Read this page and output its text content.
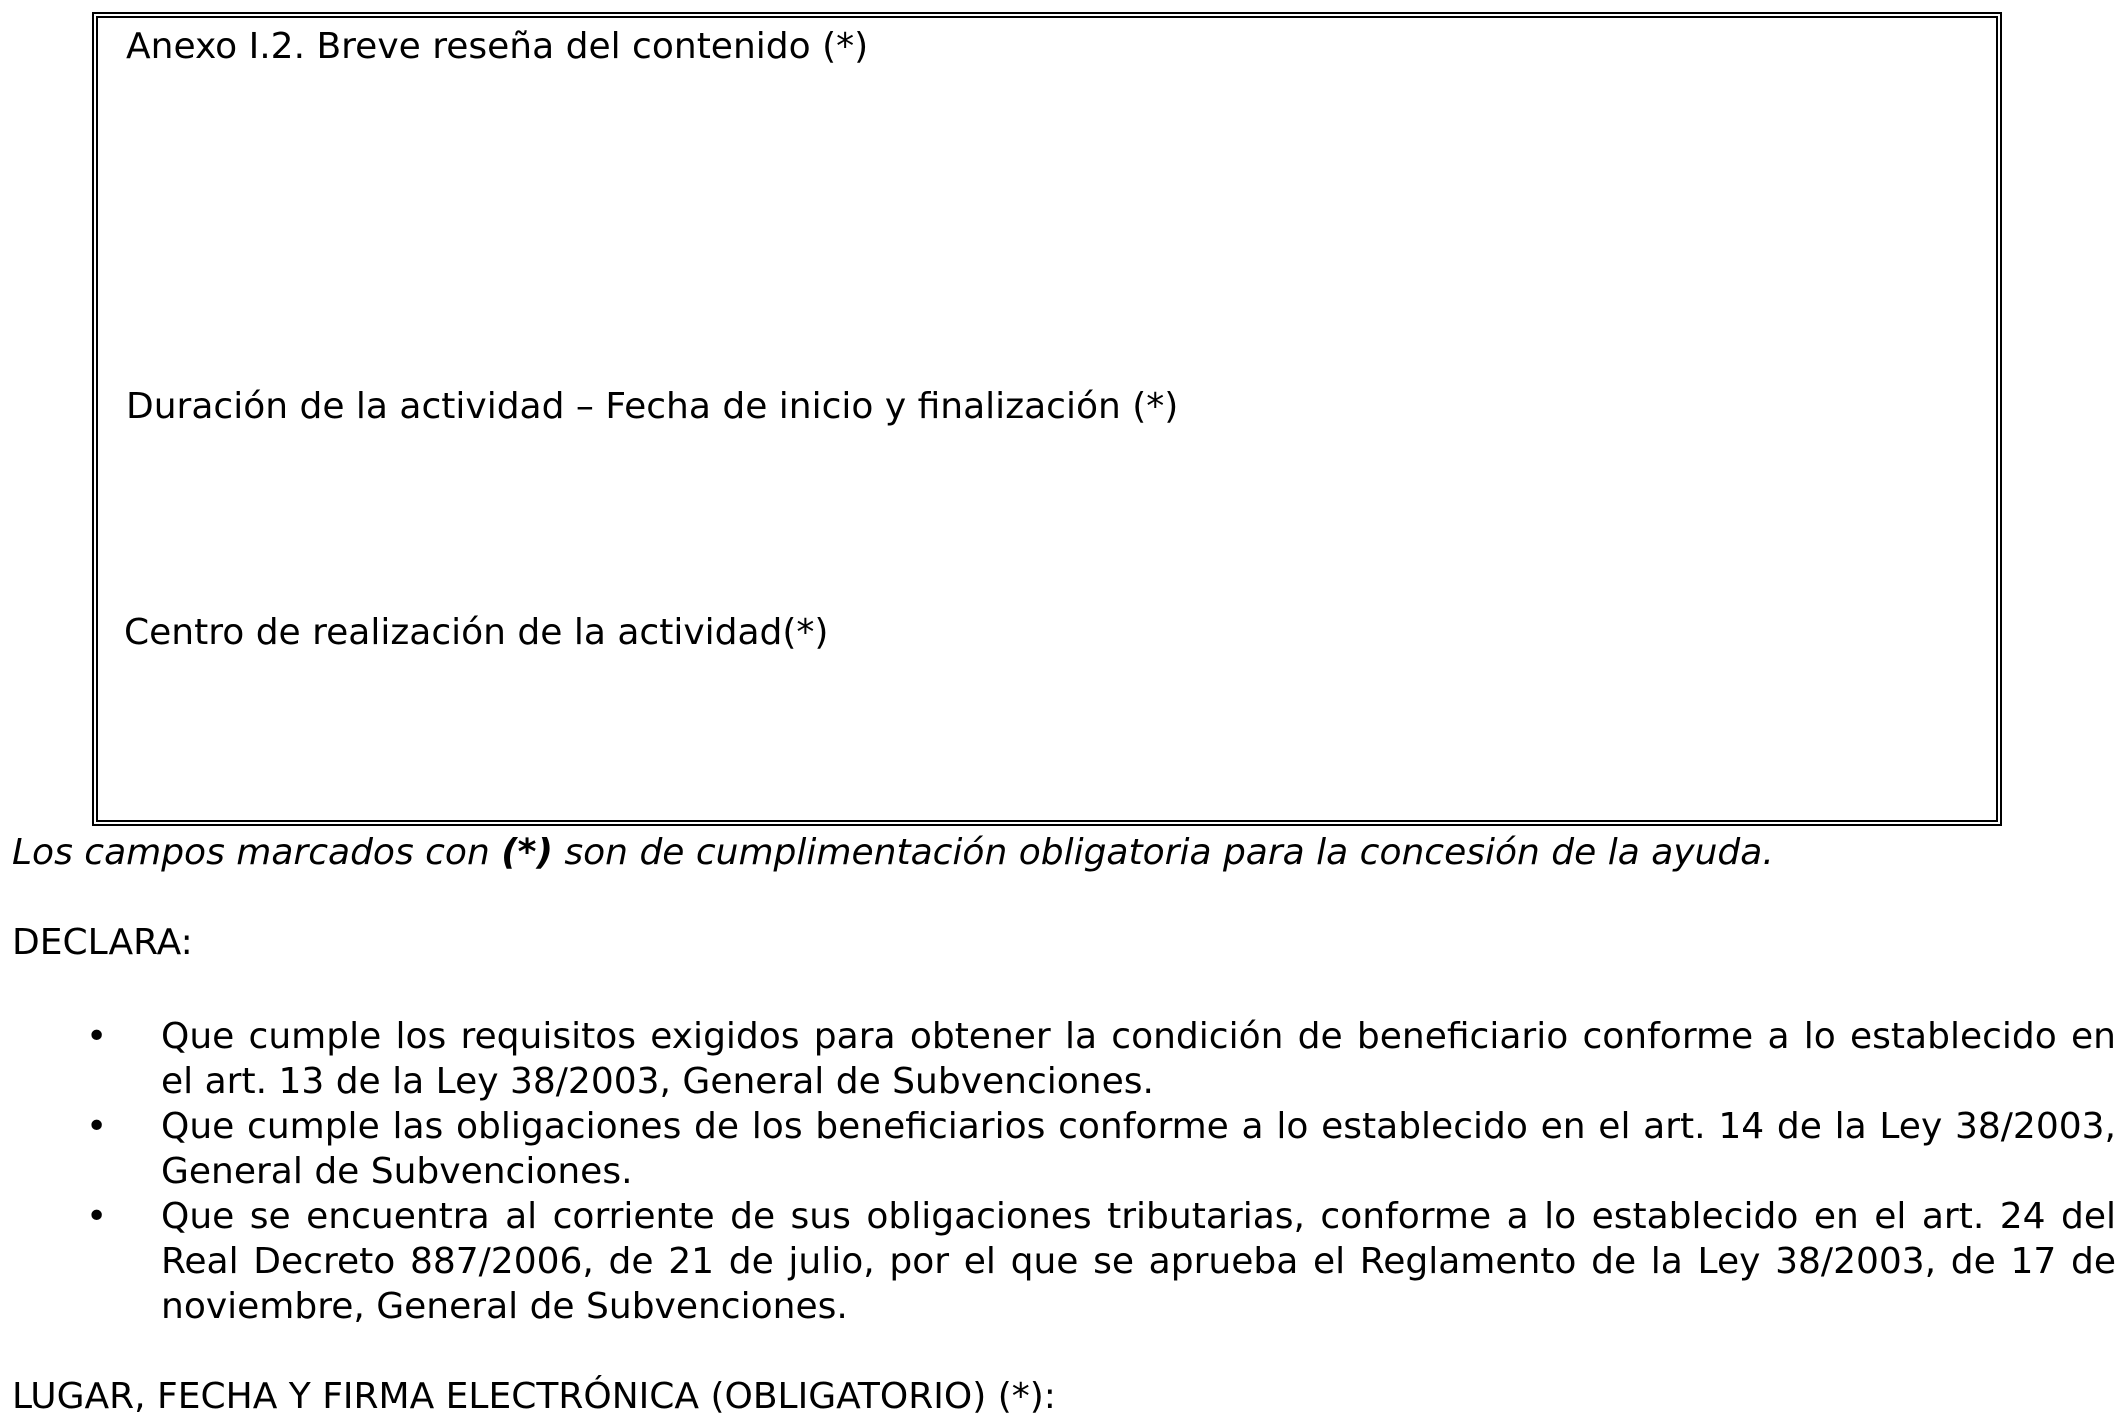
Anexo I.2. Breve reseña del contenido (*)
Duración de la actividad – Fecha de inicio y finalización (*)
Centro de realización de la actividad(*)
Los campos marcados con (*) son de cumplimentación obligatoria para la concesión de la ayuda.
DECLARA:
• Que cumple los requisitos exigidos para obtener la condición de beneficiario conforme a lo establecido en el art. 13 de la Ley 38/2003, General de Subvenciones.
• Que cumple las obligaciones de los beneficiarios conforme a lo establecido en el art. 14 de la Ley 38/2003, General de Subvenciones.
• Que se encuentra al corriente de sus obligaciones tributarias, conforme a lo establecido en el art. 24 del Real Decreto 887/2006, de 21 de julio, por el que se aprueba el Reglamento de la Ley 38/2003, de 17 de noviembre, General de Subvenciones.
LUGAR, FECHA Y FIRMA ELECTRÓNICA (OBLIGATORIO) (*):
